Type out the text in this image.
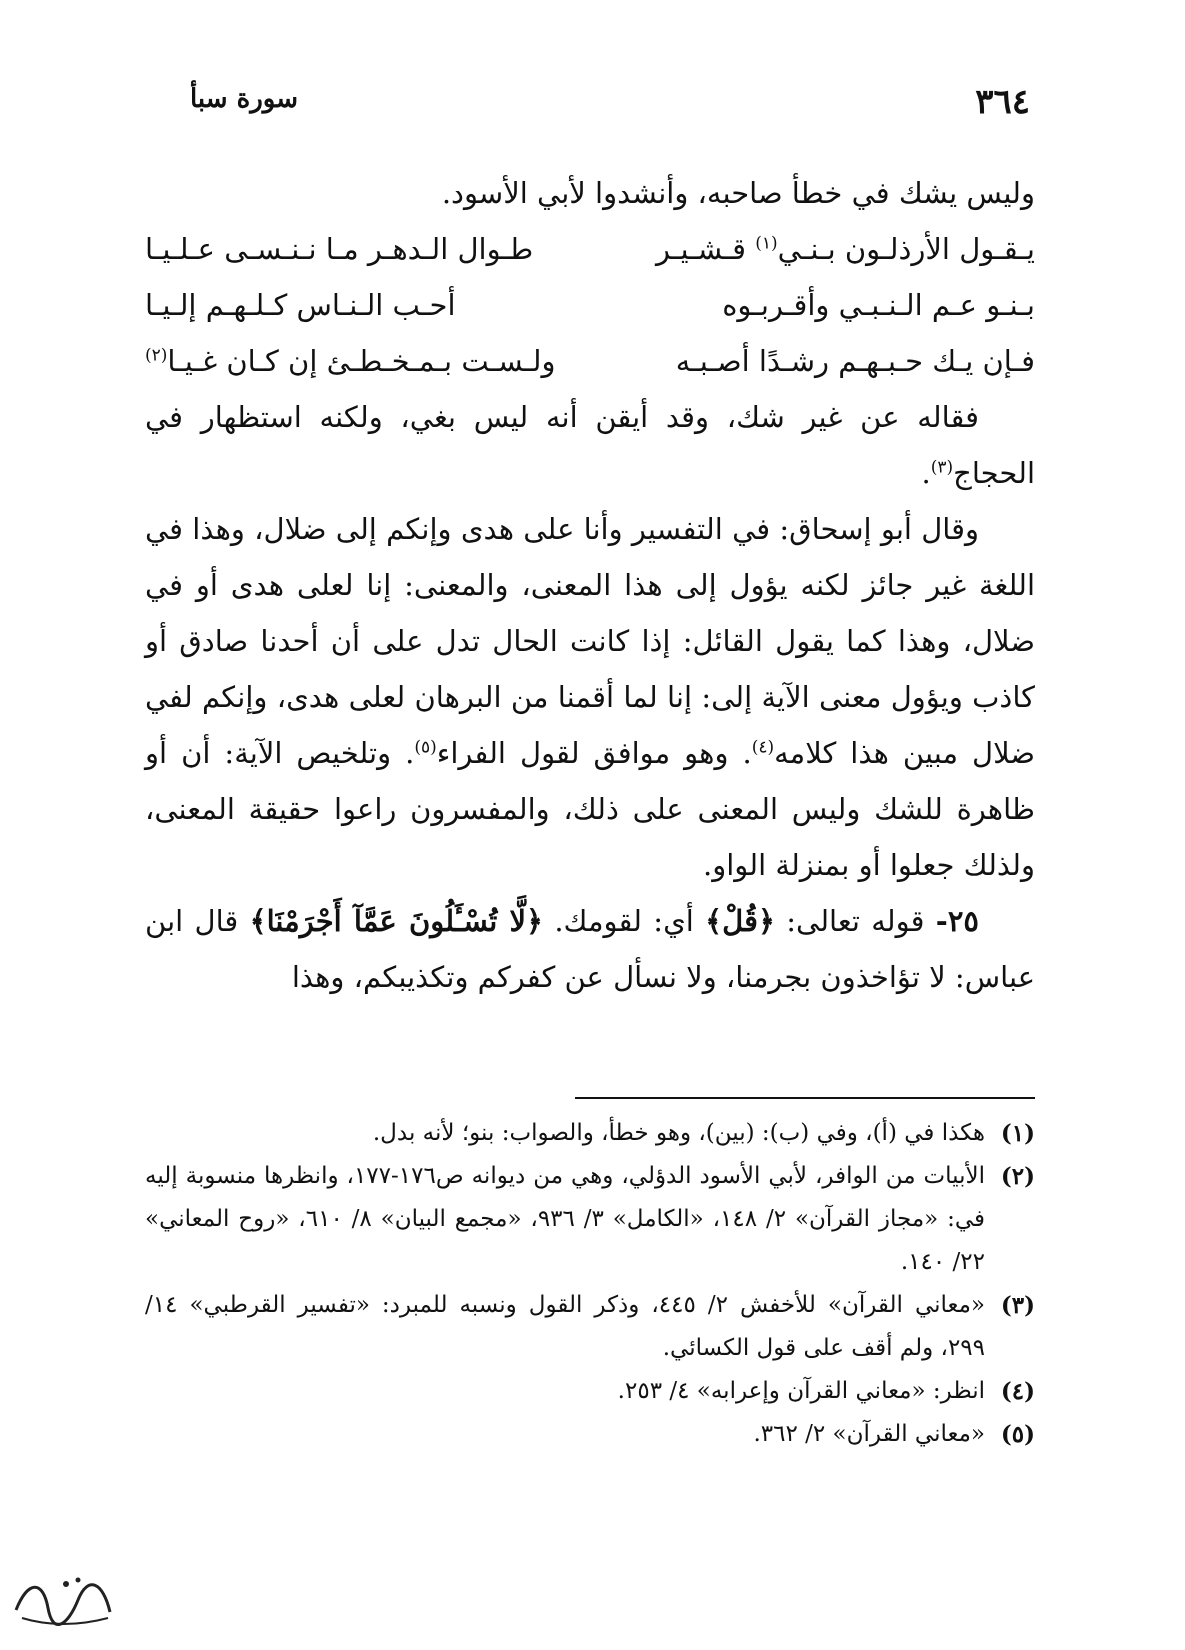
٣٦٤
سورة سبأ

وليس يشك في خطأ صاحبه، وأنشدوا لأبي الأسود.

يـقـول الأرذلـون بـنـي$^{(١)}$ قـشـيـر
طـوال الـدهـر مـا نـنـسـى عـلـيـا
بـنـو عـم الـنـبـي وأقـربـوه
أحـب الـنـاس كـلـهـم إلـيـا
فـإن يـك حـبـهـم رشـدًا أصـبـه
ولـسـت بـمـخـطـئ إن كـان غـيـا$^{(٢)}$

فقاله عن غير شك، وقد أيقن أنه ليس بغي، ولكنه استظهار في الحجاج$^{(٣)}$.

وقال أبو إسحاق: في التفسير وأنا على هدى وإنكم إلى ضلال، وهذا في اللغة غير جائز لكنه يؤول إلى هذا المعنى، والمعنى: إنا لعلى هدى أو في ضلال، وهذا كما يقول القائل: إذا كانت الحال تدل على أن أحدنا صادق أو كاذب ويؤول معنى الآية إلى: إنا لما أقمنا من البرهان لعلى هدى، وإنكم لفي ضلال مبين هذا كلامه$^{(٤)}$. وهو موافق لقول الفراء$^{(٥)}$. وتلخيص الآية: أن أو ظاهرة للشك وليس المعنى على ذلك، والمفسرون راعوا حقيقة المعنى، ولذلك جعلوا أو بمنزلة الواو.

٢٥- قوله تعالى: ﴿قُلْ﴾ أي: لقومك. ﴿لَّا تُسْـَٔلُونَ عَمَّآ أَجْرَمْنَا﴾ قال ابن عباس: لا تؤاخذون بجرمنا، ولا نسأل عن كفركم وتكذيبكم، وهذا

(١)
هكذا في (أ)، وفي (ب): (بين)، وهو خطأ، والصواب: بنو؛ لأنه بدل.
(٢)
الأبيات من الوافر، لأبي الأسود الدؤلي، وهي من ديوانه ص١٧٦-١٧٧، وانظرها منسوبة إليه في: «مجاز القرآن» ٢/ ١٤٨، «الكامل» ٣/ ٩٣٦، «مجمع البيان» ٨/ ٦١٠، «روح المعاني» ٢٢/ ١٤٠.
(٣)
«معاني القرآن» للأخفش ٢/ ٤٤٥، وذكر القول ونسبه للمبرد: «تفسير القرطبي» ١٤/ ٢٩٩، ولم أقف على قول الكسائي.
(٤)
انظر: «معاني القرآن وإعرابه» ٤/ ٢٥٣.
(٥)
«معاني القرآن» ٢/ ٣٦٢.
